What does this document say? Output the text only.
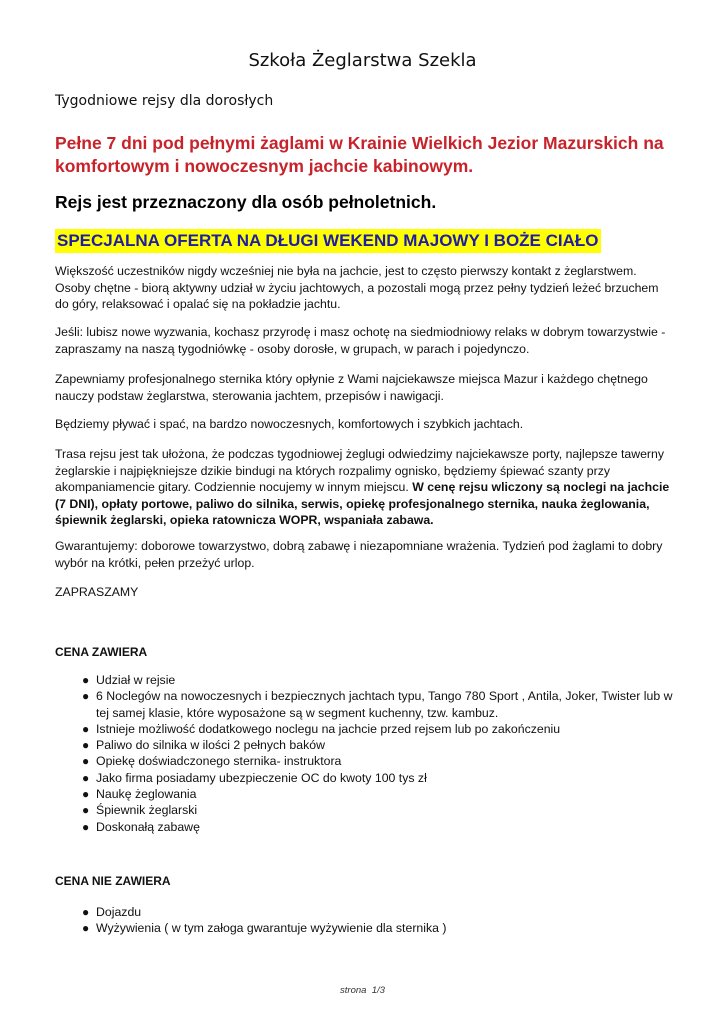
Szkoła Żeglarstwa Szekla
Tygodniowe rejsy dla dorosłych
Pełne 7 dni pod pełnymi żaglami w Krainie Wielkich Jezior Mazurskich na komfortowym i nowoczesnym jachcie kabinowym.
Rejs jest przeznaczony dla osób pełnoletnich.
SPECJALNA OFERTA NA DŁUGI WEKEND MAJOWY I BOŻE CIAŁO

Większość uczestników nigdy wcześniej nie była na jachcie, jest to często pierwszy kontakt z żeglarstwem. Osoby chętne - biorą aktywny udział w życiu jachtowych, a pozostali mogą przez pełny tydzień leżeć brzuchem do góry, relaksować i opalać się na pokładzie jachtu.

Jeśli: lubisz nowe wyzwania, kochasz przyrodę i masz ochotę na siedmiodniowy relaks w dobrym towarzystwie - zapraszamy na naszą tygodniówkę - osoby dorosłe, w grupach, w parach i pojedynczo.

Zapewniamy profesjonalnego sternika który opłynie z Wami najciekawsze miejsca Mazur i każdego chętnego nauczy podstaw żeglarstwa, sterowania jachtem, przepisów i nawigacji.

Będziemy pływać i spać, na bardzo nowoczesnych, komfortowych i szybkich jachtach.

Trasa rejsu jest tak ułożona, że podczas tygodniowej żeglugi odwiedzimy najciekawsze porty, najlepsze tawerny żeglarskie i najpiękniejsze dzikie bindugi na których rozpalimy ognisko, będziemy śpiewać szanty przy akompaniamencie gitary. Codziennie nocujemy w innym miejscu. W cenę rejsu wliczony są noclegi na jachcie (7 DNI), opłaty portowe, paliwo do silnika, serwis, opiekę profesjonalnego sternika, nauka żeglowania, śpiewnik żeglarski, opieka ratownicza WOPR, wspaniała zabawa.

Gwarantujemy: doborowe towarzystwo, dobrą zabawę i niezapomniane wrażenia. Tydzień pod żaglami to dobry wybór na krótki, pełen przeżyć urlop.

ZAPRASZAMY

CENA ZAWIERA
● Udział w rejsie
● 6 Noclegów na nowoczesnych i bezpiecznych jachtach typu, Tango 780 Sport , Antila, Joker, Twister lub w tej samej klasie, które wyposażone są w segment kuchenny, tzw. kambuz.
● Istnieje możliwość dodatkowego noclegu na jachcie przed rejsem lub po zakończeniu
● Paliwo do silnika w ilości 2 pełnych baków
● Opiekę doświadczonego sternika- instruktora
● Jako firma posiadamy ubezpieczenie OC do kwoty 100 tys zł
● Naukę żeglowania
● Śpiewnik żeglarski
● Doskonałą zabawę
CENA NIE ZAWIERA
● Dojazdu
● Wyżywienia ( w tym załoga gwarantuje wyżywienie dla sternika )
strona 1/3
